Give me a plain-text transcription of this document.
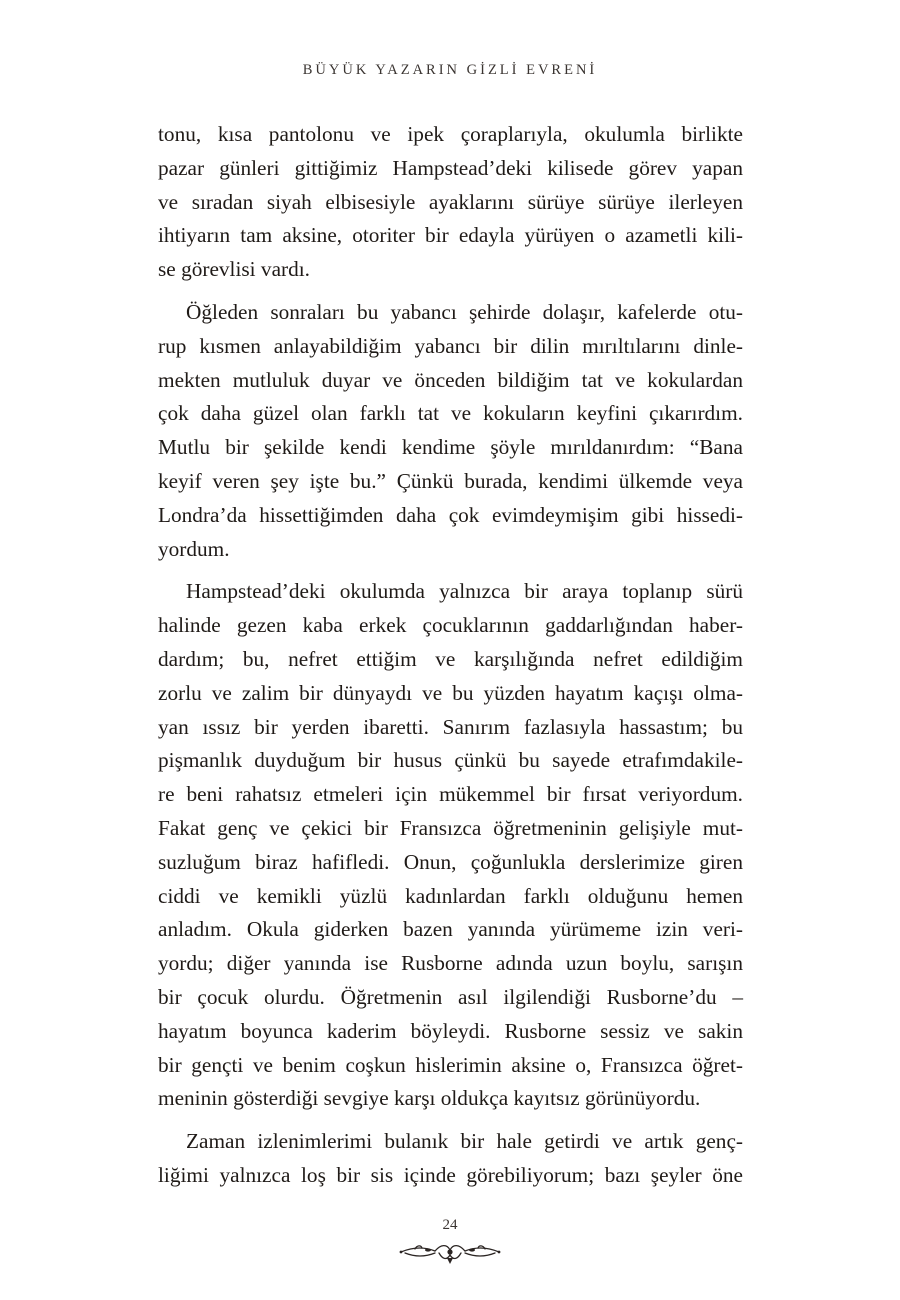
BÜYÜK YAZARIN GİZLİ EVRENİ

tonu, kısa pantolonu ve ipek çoraplarıyla, okulumla birlikte
pazar günleri gittiğimiz Hampstead’deki kilisede görev yapan
ve sıradan siyah elbisesiyle ayaklarını sürüye sürüye ilerleyen
ihtiyarın tam aksine, otoriter bir edayla yürüyen o azametli kili-
se görevlisi vardı.

Öğleden sonraları bu yabancı şehirde dolaşır, kafelerde otu-
rup kısmen anlayabildiğim yabancı bir dilin mırıltılarını dinle-
mekten mutluluk duyar ve önceden bildiğim tat ve kokulardan
çok daha güzel olan farklı tat ve kokuların keyfini çıkarırdım.
Mutlu bir şekilde kendi kendime şöyle mırıldanırdım: “Bana
keyif veren şey işte bu.” Çünkü burada, kendimi ülkemde veya
Londra’da hissettiğimden daha çok evimdeymişim gibi hissedi-
yordum.

Hampstead’deki okulumda yalnızca bir araya toplanıp sürü
halinde gezen kaba erkek çocuklarının gaddarlığından haber-
dardım; bu, nefret ettiğim ve karşılığında nefret edildiğim
zorlu ve zalim bir dünyaydı ve bu yüzden hayatım kaçışı olma-
yan ıssız bir yerden ibaretti. Sanırım fazlasıyla hassastım; bu
pişmanlık duyduğum bir husus çünkü bu sayede etrafımdakile-
re beni rahatsız etmeleri için mükemmel bir fırsat veriyordum.
Fakat genç ve çekici bir Fransızca öğretmeninin gelişiyle mut-
suzluğum biraz hafifledi. Onun, çoğunlukla derslerimize giren
ciddi ve kemikli yüzlü kadınlardan farklı olduğunu hemen
anladım. Okula giderken bazen yanında yürümeme izin veri-
yordu; diğer yanında ise Rusborne adında uzun boylu, sarışın
bir çocuk olurdu. Öğretmenin asıl ilgilendiği Rusborne’du –
hayatım boyunca kaderim böyleydi. Rusborne sessiz ve sakin
bir gençti ve benim coşkun hislerimin aksine o, Fransızca öğret-
meninin gösterdiği sevgiye karşı oldukça kayıtsız görünüyordu.

Zaman izlenimlerimi bulanık bir hale getirdi ve artık genç-
liğimi yalnızca loş bir sis içinde görebiliyorum; bazı şeyler öne

24
